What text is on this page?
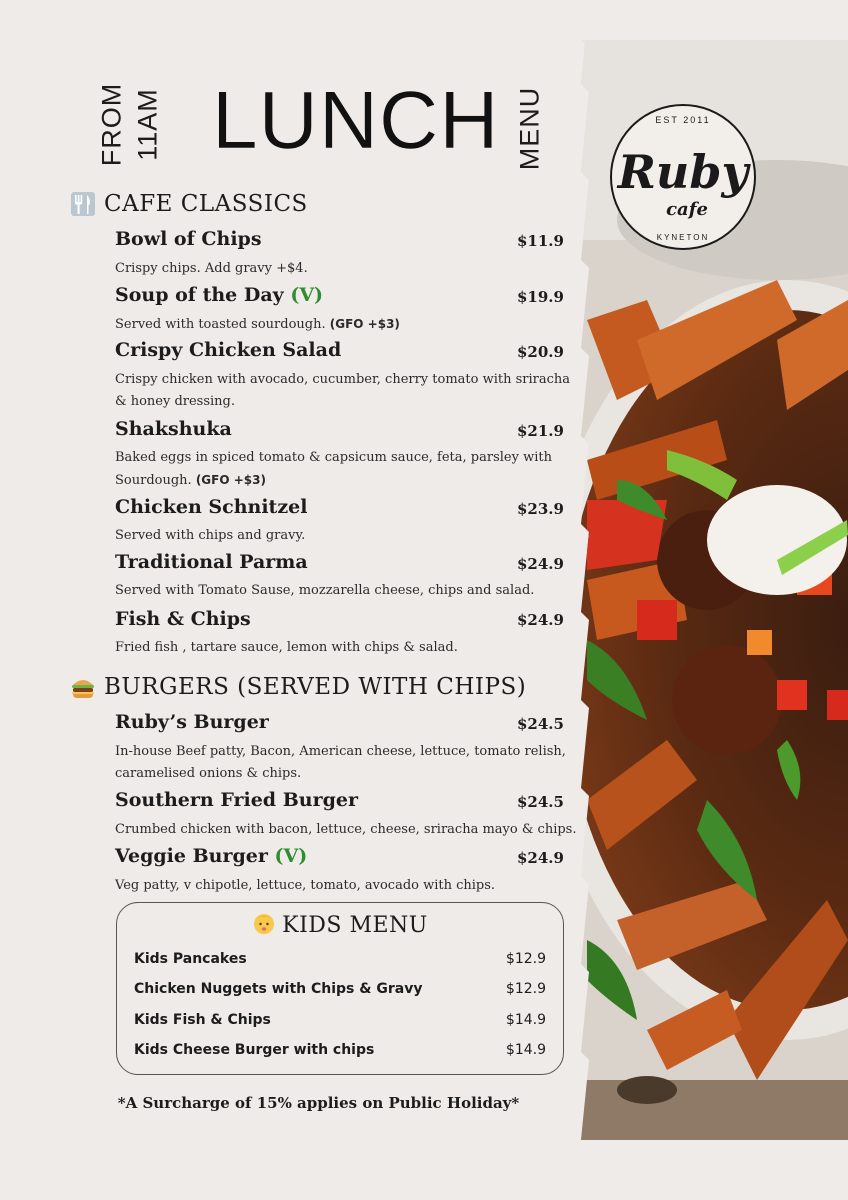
FROM 11AM LUNCH MENU
CAFE CLASSICS
Bowl of Chips	$11.9
Crispy chips. Add gravy +$4.
Soup of the Day (V)	$19.9
Served with toasted sourdough. (GFO +$3)
Crispy Chicken Salad	$20.9
Crispy chicken with avocado, cucumber, cherry tomato with sriracha & honey dressing.
Shakshuka	$21.9
Baked eggs in spiced tomato & capsicum sauce, feta, parsley with Sourdough. (GFO +$3)
Chicken Schnitzel	$23.9
Served with chips and gravy.
Traditional Parma	$24.9
Served with Tomato Sause, mozzarella cheese, chips and salad.
Fish & Chips	$24.9
Fried fish , tartare sauce, lemon with chips & salad.
BURGERS (SERVED WITH CHIPS)
Ruby’s Burger	$24.5
In-house Beef patty, Bacon, American cheese, lettuce, tomato relish, caramelised onions & chips.
Southern Fried Burger	$24.5
Crumbed chicken with bacon, lettuce, cheese, sriracha mayo & chips.
Veggie Burger (V)	$24.9
Veg patty, v chipotle, lettuce, tomato, avocado with chips.
KIDS MENU
Kids Pancakes	$12.9
Chicken Nuggets with Chips & Gravy	$12.9
Kids Fish & Chips	$14.9
Kids Cheese Burger with chips	$14.9
*A Surcharge of 15% applies on Public Holiday*
EST 2011
Ruby
cafe
KYNETON
